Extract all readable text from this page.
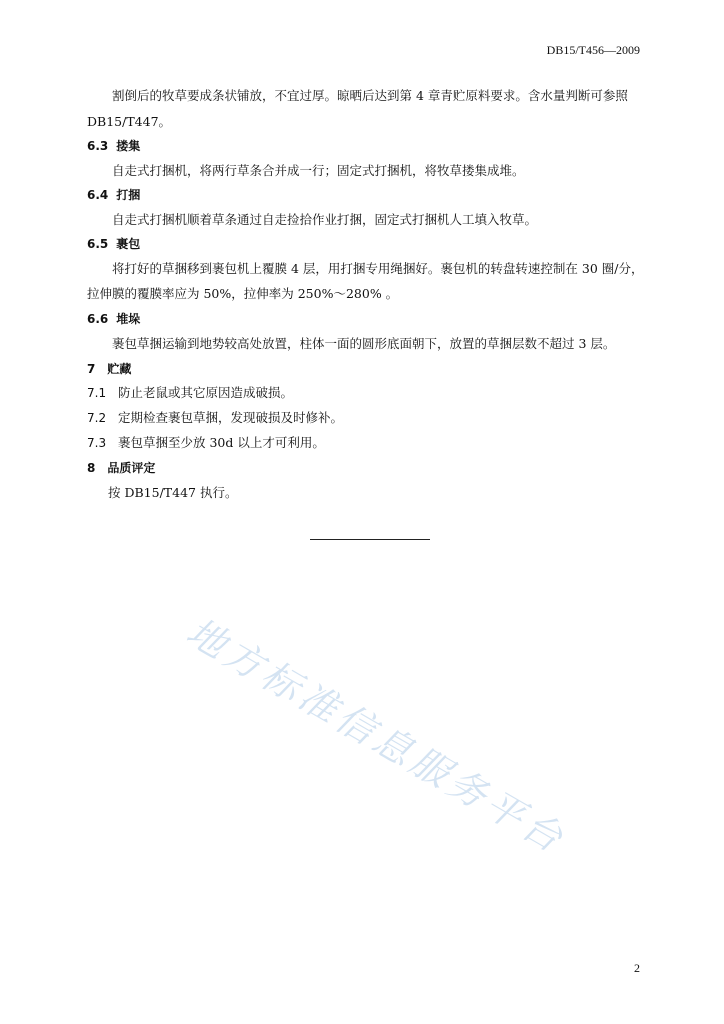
DB15/T456—2009
割倒后的牧草要成条状铺放，不宜过厚。晾晒后达到第 4 章青贮原料要求。含水量判断可参照
DB15/T447。
6.3 搂集
自走式打捆机，将两行草条合并成一行；固定式打捆机，将牧草搂集成堆。
6.4 打捆
自走式打捆机顺着草条通过自走捡拾作业打捆，固定式打捆机人工填入牧草。
6.5 裹包
将打好的草捆移到裹包机上覆膜 4 层，用打捆专用绳捆好。裹包机的转盘转速控制在 30 圈/分，
拉伸膜的覆膜率应为 50%，拉伸率为 250%～280% 。
6.6 堆垛
裹包草捆运输到地势较高处放置，柱体一面的圆形底面朝下，放置的草捆层数不超过 3 层。
7 贮藏
7.1 防止老鼠或其它原因造成破损。
7.2 定期检查裹包草捆，发现破损及时修补。
7.3 裹包草捆至少放 30d 以上才可利用。
8 品质评定
按 DB15/T447 执行。
地方标准信息服务平台
2
